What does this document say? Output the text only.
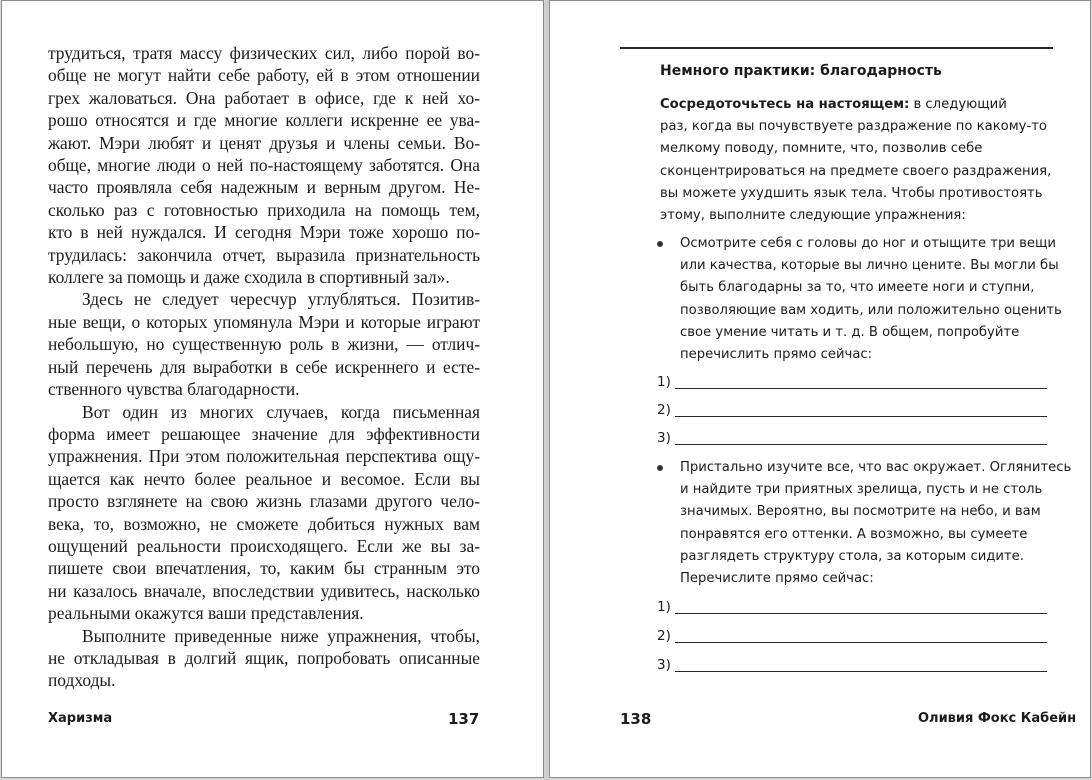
трудиться, тратя массу физических сил, либо порой во-
обще не могут найти себе работу, ей в этом отношении
грех жаловаться. Она работает в офисе, где к ней хо-
рошо относятся и где многие коллеги искренне ее ува-
жают. Мэри любят и ценят друзья и члены семьи. Во-
обще, многие люди о ней по-настоящему заботятся. Она
часто проявляла себя надежным и верным другом. Не-
сколько раз с готовностью приходила на помощь тем,
кто в ней нуждался. И сегодня Мэри тоже хорошо по-
трудилась: закончила отчет, выразила признательность
коллеге за помощь и даже сходила в спортивный зал».

Здесь не следует чересчур углубляться. Позитив-
ные вещи, о которых упомянула Мэри и которые играют
небольшую, но существенную роль в жизни, — отлич-
ный перечень для выработки в себе искреннего и есте-
ственного чувства благодарности.

Вот один из многих случаев, когда письменная
форма имеет решающее значение для эффективности
упражнения. При этом положительная перспектива ощу-
щается как нечто более реальное и весомое. Если вы
просто взглянете на свою жизнь глазами другого чело-
века, то, возможно, не сможете добиться нужных вам
ощущений реальности происходящего. Если же вы за-
пишете свои впечатления, то, каким бы странным это
ни казалось вначале, впоследствии удивитесь, насколько
реальными окажутся ваши представления.

Выполните приведенные ниже упражнения, чтобы,
не откладывая в долгий ящик, попробовать описанные
подходы.

Харизма	137
Немного практики: благодарность

Сосредоточьтесь на настоящем: в следующий
раз, когда вы почувствуете раздражение по какому-то
мелкому поводу, помните, что, позволив себе
сконцентрироваться на предмете своего раздражения,
вы можете ухудшить язык тела. Чтобы противостоять
этому, выполните следующие упражнения:

Осмотрите себя с головы до ног и отыщите три вещи
или качества, которые вы лично цените. Вы могли бы
быть благодарны за то, что имеете ноги и ступни,
позволяющие вам ходить, или положительно оценить
свое умение читать и т. д. В общем, попробуйте
перечислить прямо сейчас:

1)
2)
3)

Пристально изучите все, что вас окружает. Оглянитесь
и найдите три приятных зрелища, пусть и не столь
значимых. Вероятно, вы посмотрите на небо, и вам
понравятся его оттенки. А возможно, вы сумеете
разглядеть структуру стола, за которым сидите.
Перечислите прямо сейчас:

1)
2)
3)
138	Оливия Фокс Кабейн
